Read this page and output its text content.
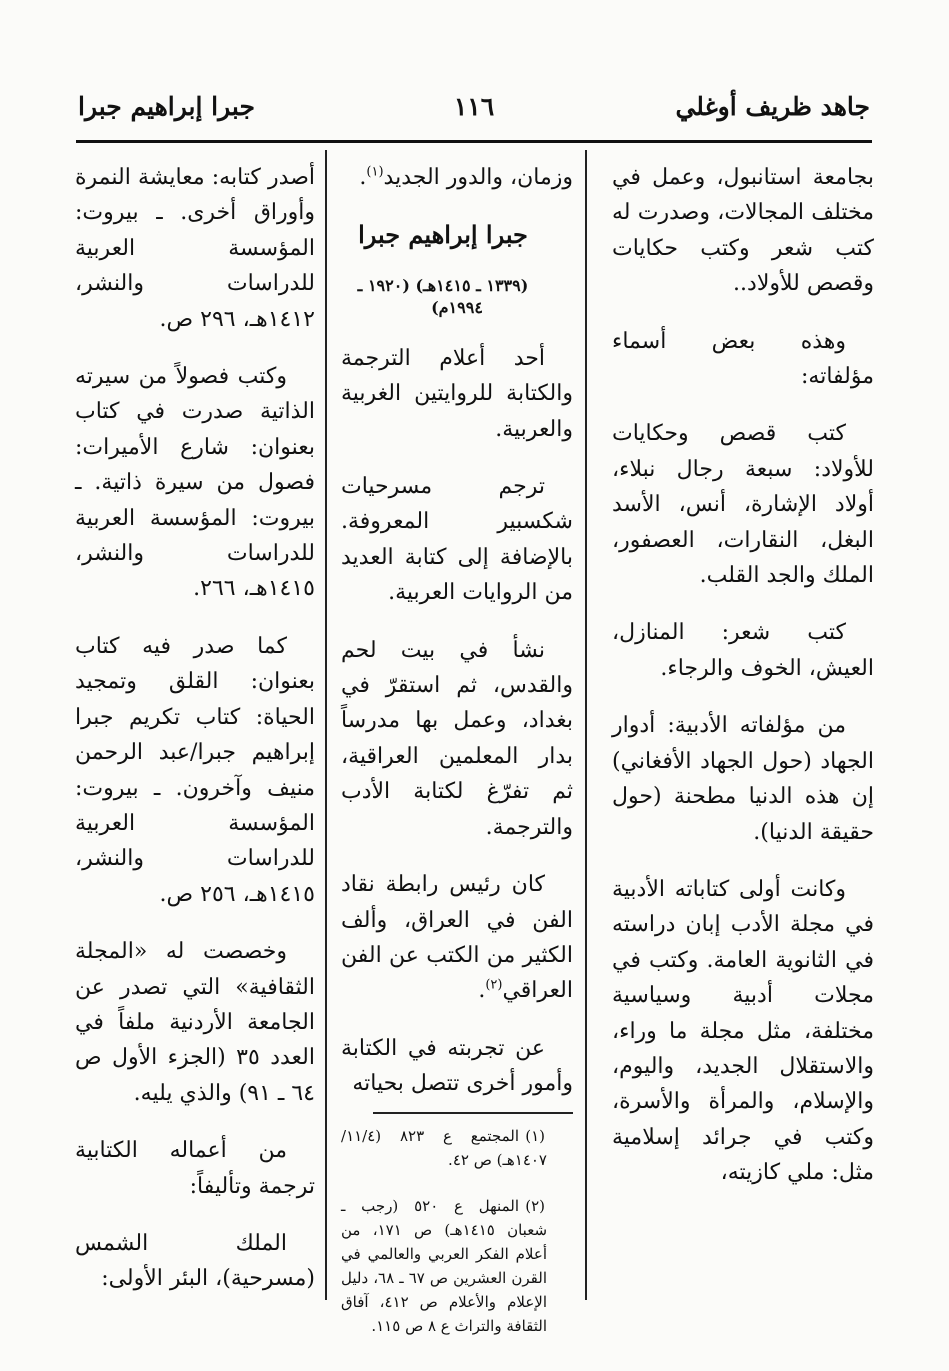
جاهد ظريف أوغلي
١١٦
جبرا إبراهيم جبرا

بجامعة استانبول، وعمل في مختلف المجالات، وصدرت له كتب شعر وكتب حكايات وقصص للأولاد..

وهذه بعض أسماء مؤلفاته:

كتب قصص وحكايات للأولاد: سبعة رجال نبلاء، أولاد الإشارة، أنس، الأسد البغل، النقارات، العصفور، الملك والجد القلب.

كتب شعر: المنازل، العيش، الخوف والرجاء.

من مؤلفاته الأدبية: أدوار الجهاد (حول الجهاد الأفغاني) إن هذه الدنيا مطحنة (حول حقيقة الدنيا).

وكانت أولى كتاباته الأدبية في مجلة الأدب إبان دراسته في الثانوية العامة. وكتب في مجلات أدبية وسياسية مختلفة، مثل مجلة ما وراء، والاستقلال الجديد، واليوم، والإسلام، والمرأة والأسرة، وكتب في جرائد إسلامية مثل: ملي كازيته،

وزمان، والدور الجديد$^{(١)}$.

جبرا إبراهيم جبرا

(١٣٣٩ ـ ١٤١٥هـ) (١٩٢٠ ـ ١٩٩٤م)

أحد أعلام الترجمة والكتابة للروايتين الغربية والعربية.

ترجم مسرحيات شكسبير المعروفة. بالإضافة إلى كتابة العديد من الروايات العربية.

نشأ في بيت لحم والقدس، ثم استقرّ في بغداد، وعمل بها مدرساً بدار المعلمين العراقية، ثم تفرّغ لكتابة الأدب والترجمة.

كان رئيس رابطة نقاد الفن في العراق، وألف الكثير من الكتب عن الفن العراقي$^{(٢)}$.

عن تجربته في الكتابة وأمور أخرى تتصل بحياته

(١)
المجتمع ع ٨٢٣ (١١/٤/ ١٤٠٧هـ) ص ٤٢.

(٢)
المنهل ع ٥٢٠ (رجب ـ شعبان ١٤١٥هـ) ص ١٧١، من أعلام الفكر العربي والعالمي في القرن العشرين ص ٦٧ ـ ٦٨، دليل الإعلام والأعلام ص ٤١٢، آفاق الثقافة والتراث ع ٨ ص ١١٥.

أصدر كتابه: معايشة النمرة وأوراق أخرى. ـ بيروت: المؤسسة العربية للدراسات والنشر، ١٤١٢هـ، ٢٩٦ ص.

وكتب فصولاً من سيرته الذاتية صدرت في كتاب بعنوان: شارع الأميرات: فصول من سيرة ذاتية. ـ بيروت: المؤسسة العربية للدراسات والنشر، ١٤١٥هـ، ٢٦٦.

كما صدر فيه كتاب بعنوان: القلق وتمجيد الحياة: كتاب تكريم جبرا إبراهيم جبرا/عبد الرحمن منيف وآخرون. ـ بيروت: المؤسسة العربية للدراسات والنشر، ١٤١٥هـ، ٢٥٦ ص.

وخصصت له «المجلة الثقافية» التي تصدر عن الجامعة الأردنية ملفاً في العدد ٣٥ (الجزء الأول ص ٦٤ ـ ٩١) والذي يليه.

من أعماله الكتابية ترجمة وتأليفاً:

الملك الشمس (مسرحية)، البئر الأولى:
